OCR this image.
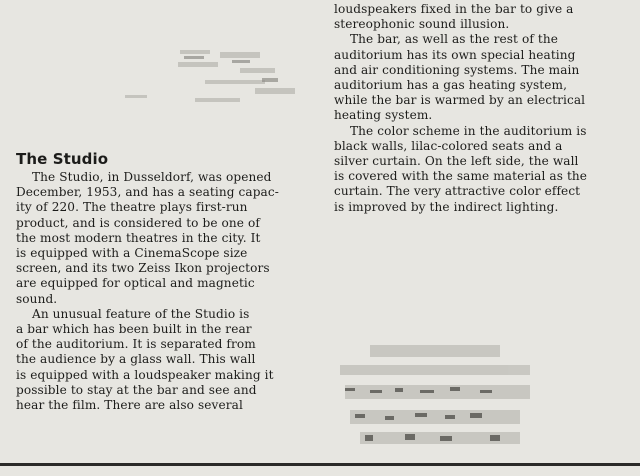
The Studio
The Studio, in Dusseldorf, was opened
December, 1953, and has a seating capac-
ity of 220. The theatre plays first-run
product, and is considered to be one of
the most modern theatres in the city. It
is equipped with a CinemaScope size
screen, and its two Zeiss Ikon projectors
are equipped for optical and magnetic
sound.
An unusual feature of the Studio is
a bar which has been built in the rear
of the auditorium. It is separated from
the audience by a glass wall. This wall
is equipped with a loudspeaker making it
possible to stay at the bar and see and
hear the film. There are also several
loudspeakers fixed in the bar to give a
stereophonic sound illusion.
The bar, as well as the rest of the
auditorium has its own special heating
and air conditioning systems. The main
auditorium has a gas heating system,
while the bar is warmed by an electrical
heating system.
The color scheme in the auditorium is
black walls, lilac-colored seats and a
silver curtain. On the left side, the wall
is covered with the same material as the
curtain. The very attractive color effect
is improved by the indirect lighting.
